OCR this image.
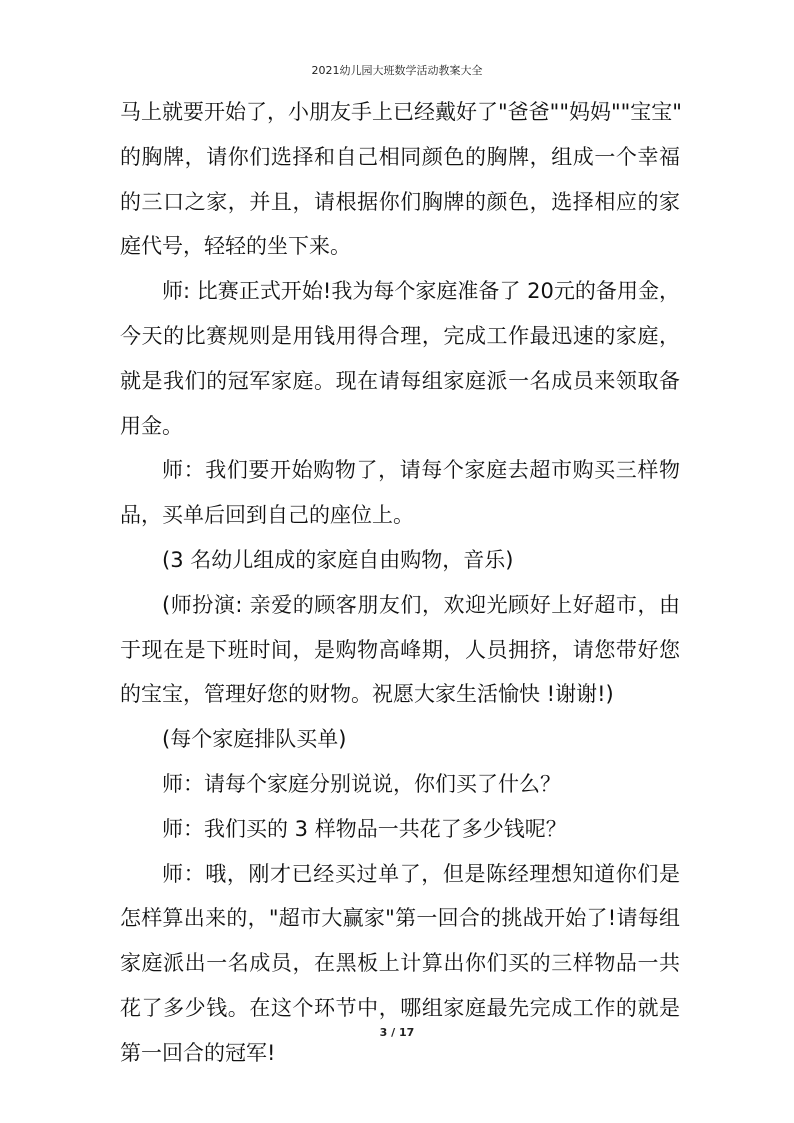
2021幼儿园大班数学活动教案大全
马上就要开始了，小朋友手上已经戴好了"爸爸""妈妈""宝宝"
的胸牌，请你们选择和自己相同颜色的胸牌，组成一个幸福
的三口之家，并且，请根据你们胸牌的颜色，选择相应的家
庭代号，轻轻的坐下来。
师: 比赛正式开始!我为每个家庭准备了 20元的备用金，
今天的比赛规则是用钱用得合理，完成工作最迅速的家庭，
就是我们的冠军家庭。现在请每组家庭派一名成员来领取备
用金。
师：我们要开始购物了，请每个家庭去超市购买三样物
品，买单后回到自己的座位上。
(3 名幼儿组成的家庭自由购物，音乐)
(师扮演: 亲爱的顾客朋友们，欢迎光顾好上好超市，由
于现在是下班时间，是购物高峰期，人员拥挤，请您带好您
的宝宝，管理好您的财物。祝愿大家生活愉快 !谢谢!)
(每个家庭排队买单)
师：请每个家庭分别说说，你们买了什么？
师：我们买的 3 样物品一共花了多少钱呢？
师：哦，刚才已经买过单了，但是陈经理想知道你们是
怎样算出来的，"超市大赢家"第一回合的挑战开始了!请每组
家庭派出一名成员，在黑板上计算出你们买的三样物品一共
花了多少钱。在这个环节中，哪组家庭最先完成工作的就是
第一回合的冠军!
3 / 17
